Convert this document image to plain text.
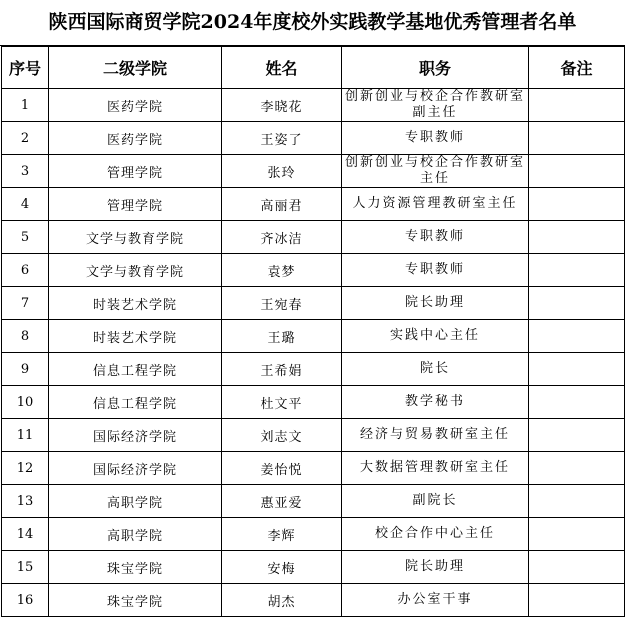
陕西国际商贸学院2024年度校外实践教学基地优秀管理者名单
序号	二级学院	姓名	职务	备注
1	医药学院	李晓花	创新创业与校企合作教研室副主任	
2	医药学院	王姿了	专职教师	
3	管理学院	张玲	创新创业与校企合作教研室主任	
4	管理学院	高丽君	人力资源管理教研室主任	
5	文学与教育学院	齐冰洁	专职教师	
6	文学与教育学院	袁梦	专职教师	
7	时装艺术学院	王宛春	院长助理	
8	时装艺术学院	王璐	实践中心主任	
9	信息工程学院	王希娟	院长	
10	信息工程学院	杜文平	教学秘书	
11	国际经济学院	刘志文	经济与贸易教研室主任	
12	国际经济学院	姜怡悦	大数据管理教研室主任	
13	高职学院	惠亚爱	副院长	
14	高职学院	李辉	校企合作中心主任	
15	珠宝学院	安梅	院长助理	
16	珠宝学院	胡杰	办公室干事	
